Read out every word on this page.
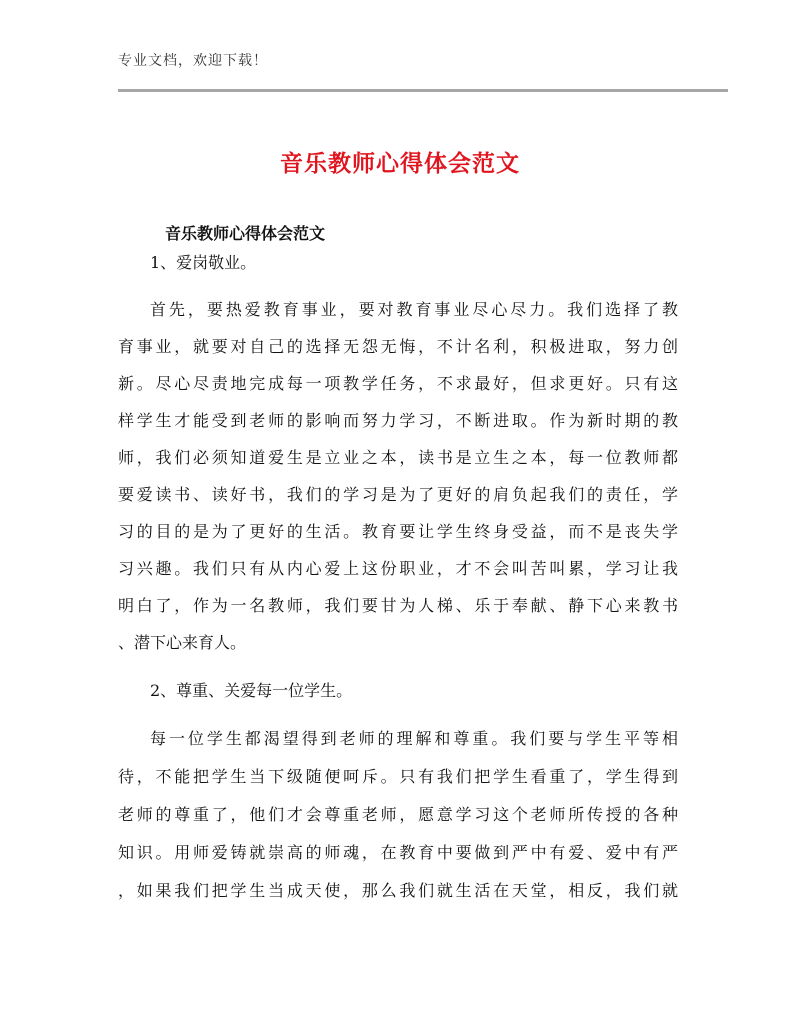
专业文档，欢迎下载！
音乐教师心得体会范文
音乐教师心得体会范文
1、爱岗敬业。
首先，要热爱教育事业，要对教育事业尽心尽力。我们选择了教
育事业，就要对自己的选择无怨无悔，不计名利，积极进取，努力创
新。尽心尽责地完成每一项教学任务，不求最好，但求更好。只有这
样学生才能受到老师的影响而努力学习，不断进取。作为新时期的教
师，我们必须知道爱生是立业之本，读书是立生之本，每一位教师都
要爱读书、读好书，我们的学习是为了更好的肩负起我们的责任，学
习的目的是为了更好的生活。教育要让学生终身受益，而不是丧失学
习兴趣。我们只有从内心爱上这份职业，才不会叫苦叫累，学习让我
明白了，作为一名教师，我们要甘为人梯、乐于奉献、静下心来教书
、潜下心来育人。
2、尊重、关爱每一位学生。
每一位学生都渴望得到老师的理解和尊重。我们要与学生平等相
待，不能把学生当下级随便呵斥。只有我们把学生看重了，学生得到
老师的尊重了，他们才会尊重老师，愿意学习这个老师所传授的各种
知识。用师爱铸就崇高的师魂，在教育中要做到严中有爱、爱中有严
，如果我们把学生当成天使，那么我们就生活在天堂，相反，我们就
